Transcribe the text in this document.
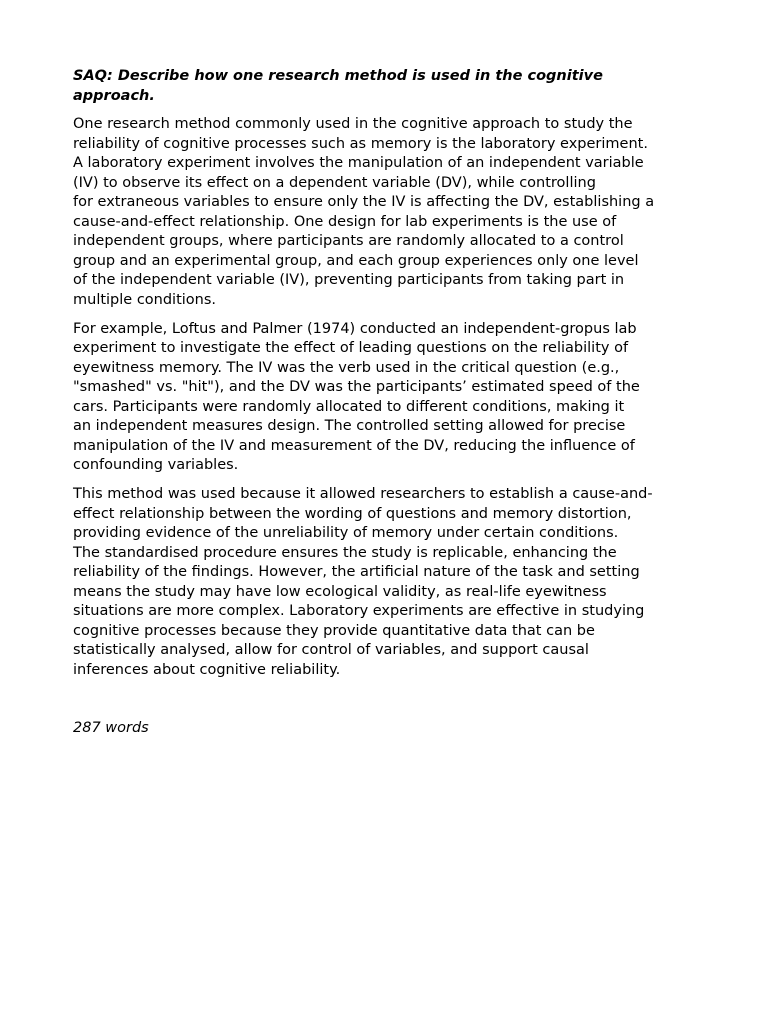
SAQ: Describe how one research method is used in the cognitive
approach.
One research method commonly used in the cognitive approach to study the
reliability of cognitive processes such as memory is the laboratory experiment.
A laboratory experiment involves the manipulation of an independent variable
(IV) to observe its effect on a dependent variable (DV), while controlling
for extraneous variables to ensure only the IV is affecting the DV, establishing a
cause-and-effect relationship. One design for lab experiments is the use of
independent groups, where participants are randomly allocated to a control
group and an experimental group, and each group experiences only one level
of the independent variable (IV), preventing participants from taking part in
multiple conditions.
For example, Loftus and Palmer (1974) conducted an independent-gropus lab
experiment to investigate the effect of leading questions on the reliability of
eyewitness memory. The IV was the verb used in the critical question (e.g.,
"smashed" vs. "hit"), and the DV was the participants’ estimated speed of the
cars. Participants were randomly allocated to different conditions, making it
an independent measures design. The controlled setting allowed for precise
manipulation of the IV and measurement of the DV, reducing the influence of
confounding variables.
This method was used because it allowed researchers to establish a cause-and-
effect relationship between the wording of questions and memory distortion,
providing evidence of the unreliability of memory under certain conditions.
The standardised procedure ensures the study is replicable, enhancing the
reliability of the findings. However, the artificial nature of the task and setting
means the study may have low ecological validity, as real-life eyewitness
situations are more complex. Laboratory experiments are effective in studying
cognitive processes because they provide quantitative data that can be
statistically analysed, allow for control of variables, and support causal
inferences about cognitive reliability.
287 words
